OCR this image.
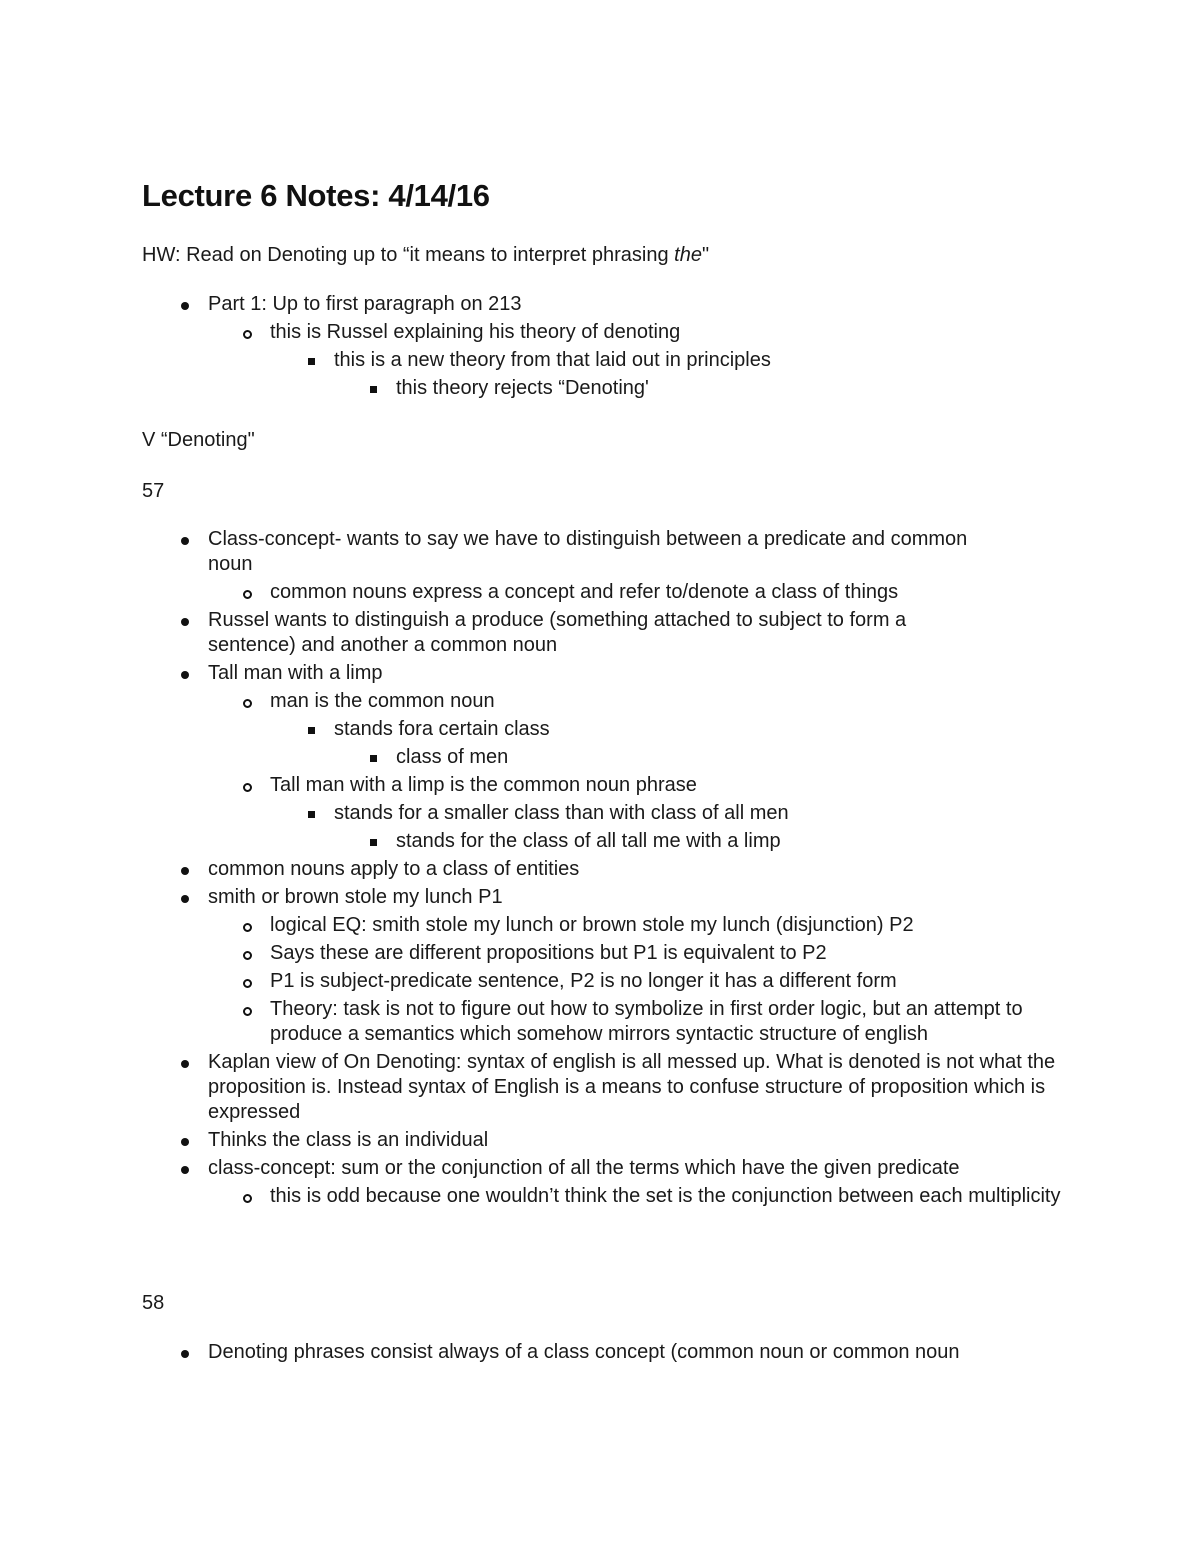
Lecture 6 Notes: 4/14/16

HW: Read on Denoting up to “it means to interpret phrasing the"

Part 1: Up to first paragraph on 213
this is Russel explaining his theory of denoting
this is a new theory from that laid out in principles
this theory rejects “Denoting'

V “Denoting"

57

Class-concept- wants to say we have to distinguish between a predicate and common noun
common nouns express a concept and refer to/denote a class of things
Russel wants to distinguish a produce (something attached to subject to form a sentence) and another a common noun
Tall man with a limp
man is the common noun
stands fora certain class
class of men
Tall man with a limp is the common noun phrase
stands for a smaller class than with class of all men
stands for the class of all tall me with a limp
common nouns apply to a class of entities
smith or brown stole my lunch P1
logical EQ: smith stole my lunch or brown stole my lunch (disjunction) P2
Says these are different propositions but P1 is equivalent to P2
P1 is subject-predicate sentence, P2 is no longer it has a different form
Theory: task is not to figure out how to symbolize in first order logic, but an attempt to produce a semantics which somehow mirrors syntactic structure of english
Kaplan view of On Denoting: syntax of english is all messed up. What is denoted is not what the proposition is. Instead syntax of English is a means to confuse structure of proposition which is expressed
Thinks the class is an individual
class-concept: sum or the conjunction of all the terms which have the given predicate
this is odd because one wouldn’t think the set is the conjunction between each multiplicity

58

Denoting phrases consist always of a class concept (common noun or common noun
